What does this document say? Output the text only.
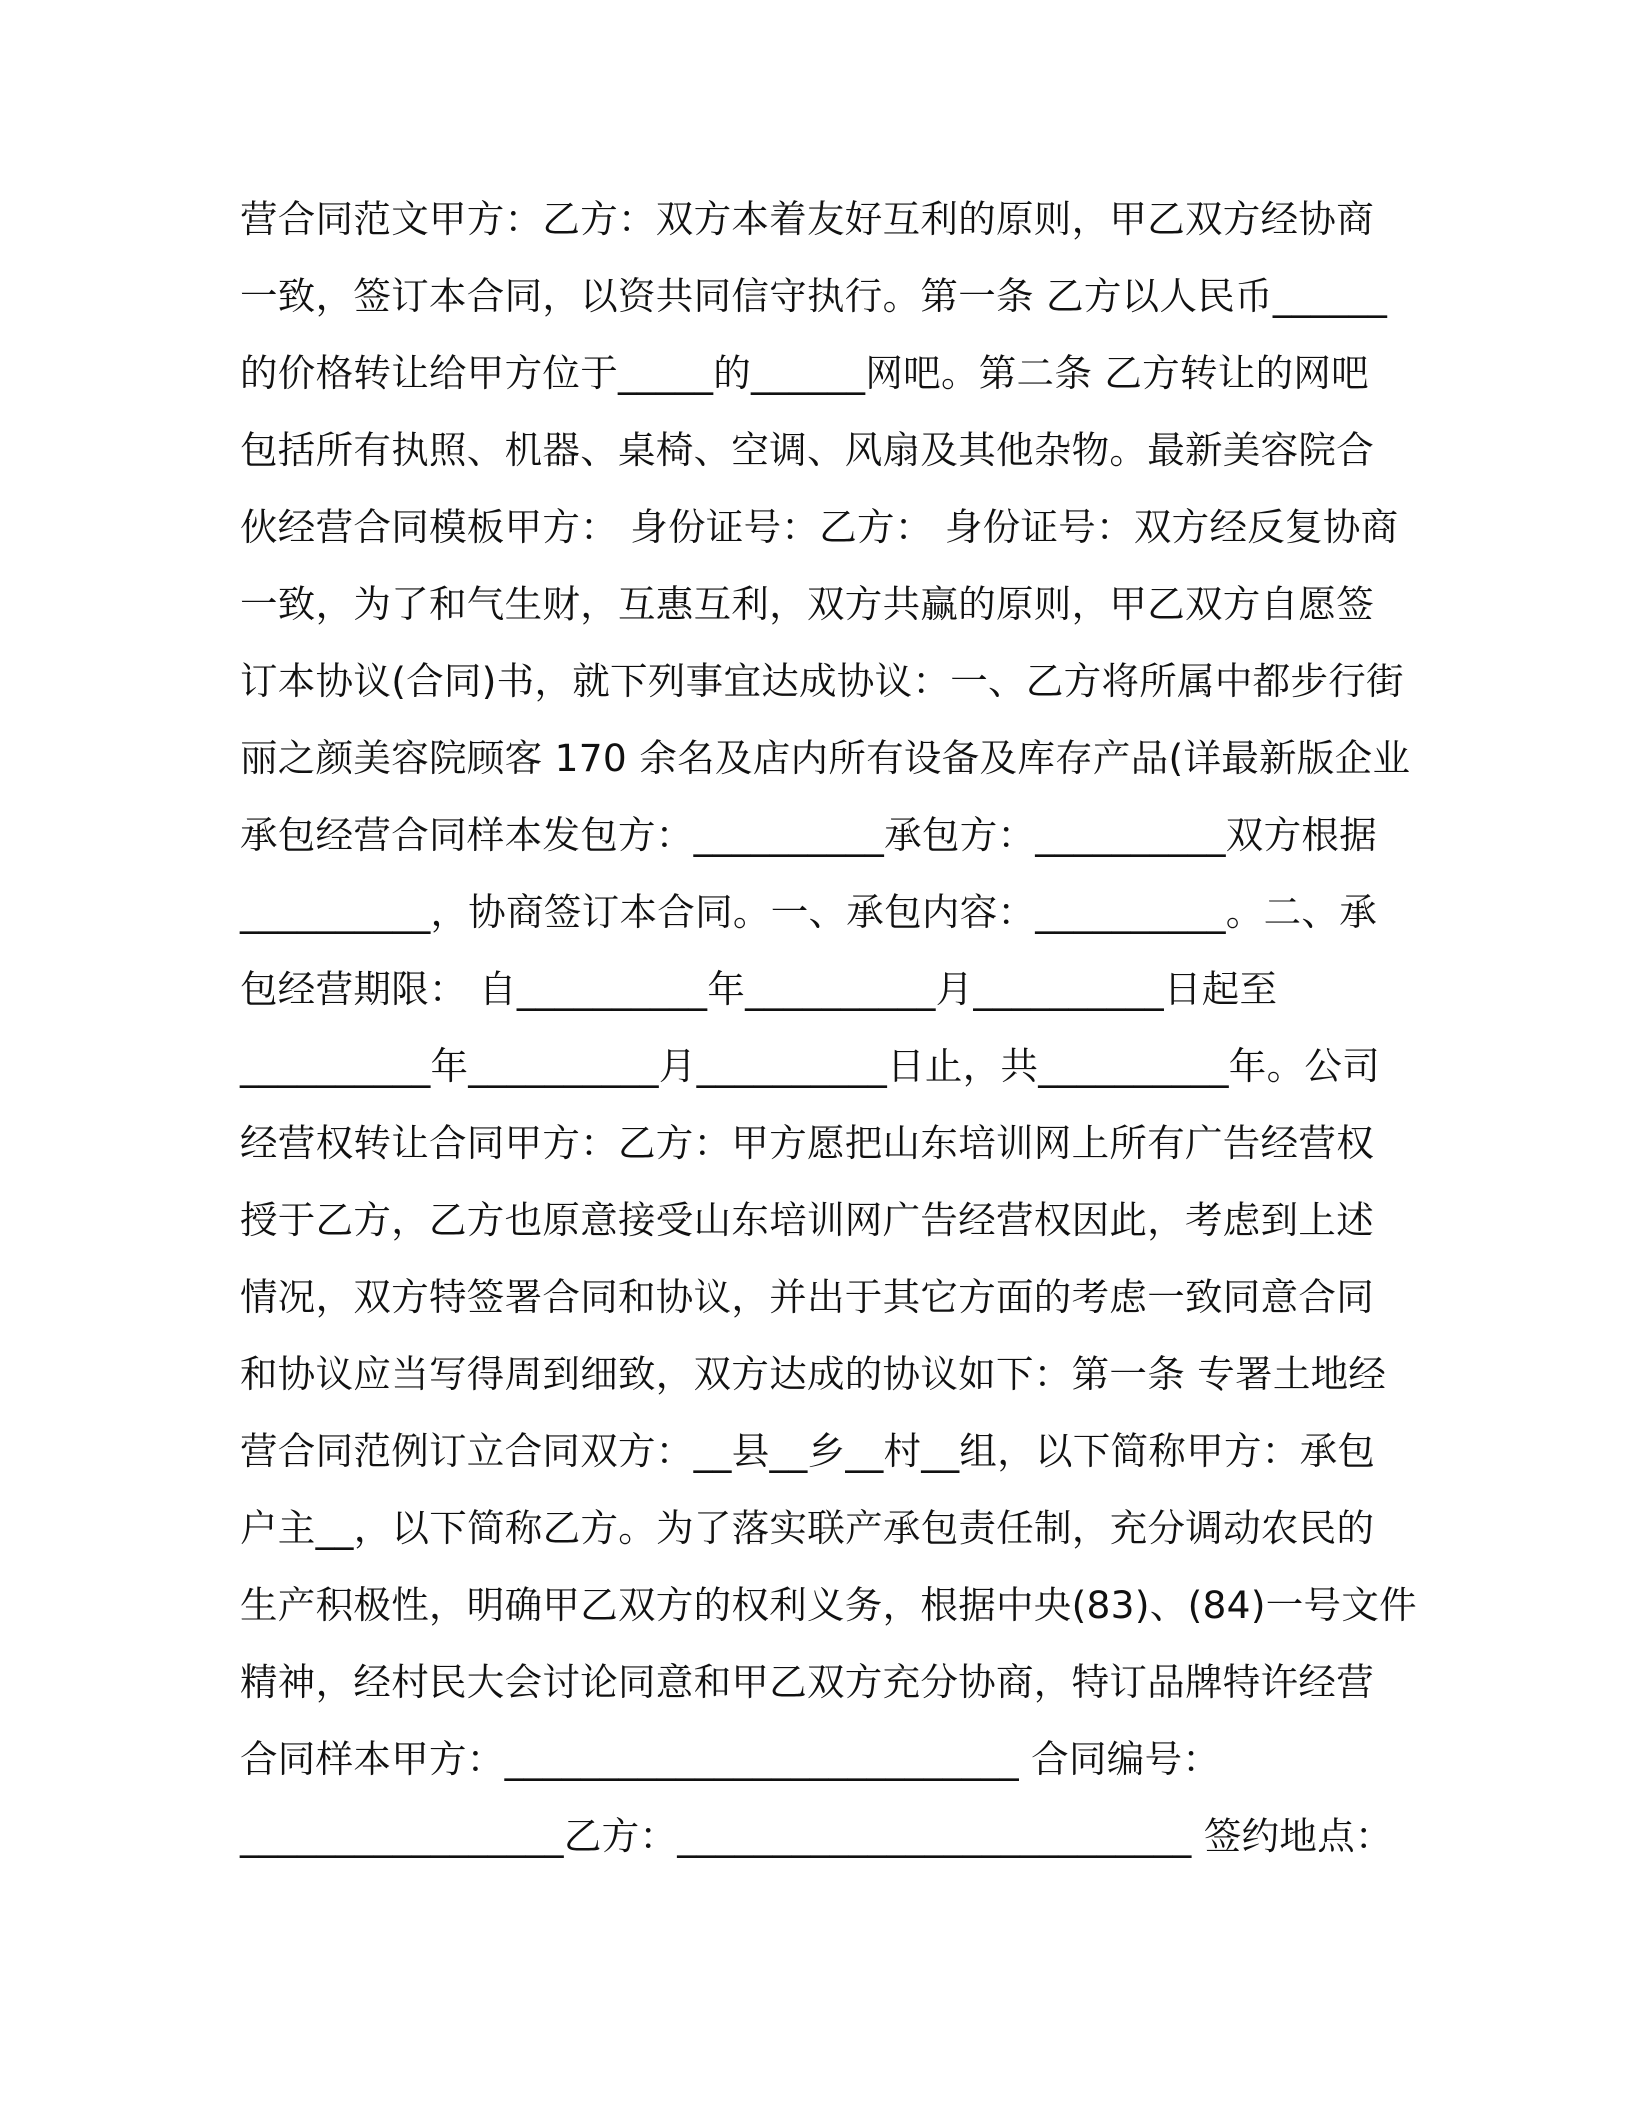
营合同范文甲方：乙方：双方本着友好互利的原则，甲乙双方经协商
一致，签订本合同，以资共同信守执行。第一条 乙方以人民币______
的价格转让给甲方位于_____的______网吧。第二条 乙方转让的网吧
包括所有执照、机器、桌椅、空调、风扇及其他杂物。最新美容院合
伙经营合同模板甲方： 身份证号：乙方： 身份证号：双方经反复协商
一致，为了和气生财，互惠互利，双方共赢的原则，甲乙双方自愿签
订本协议(合同)书，就下列事宜达成协议：一、乙方将所属中都步行街
丽之颜美容院顾客 170 余名及店内所有设备及库存产品(详最新版企业
承包经营合同样本发包方：__________承包方：__________双方根据
__________，协商签订本合同。一、承包内容：__________。二、承
包经营期限： 自__________年__________月__________日起至
__________年__________月__________日止，共__________年。公司
经营权转让合同甲方：乙方：甲方愿把山东培训网上所有广告经营权
授于乙方，乙方也原意接受山东培训网广告经营权因此，考虑到上述
情况，双方特签署合同和协议，并出于其它方面的考虑一致同意合同
和协议应当写得周到细致，双方达成的协议如下：第一条 专署土地经
营合同范例订立合同双方：__县__乡__村__组，以下简称甲方：承包
户主__，以下简称乙方。为了落实联产承包责任制，充分调动农民的
生产积极性，明确甲乙双方的权利义务，根据中央(83)、(84)一号文件
精神，经村民大会讨论同意和甲乙双方充分协商，特订品牌特许经营
合同样本甲方：___________________________ 合同编号：
_________________乙方：___________________________ 签约地点：
